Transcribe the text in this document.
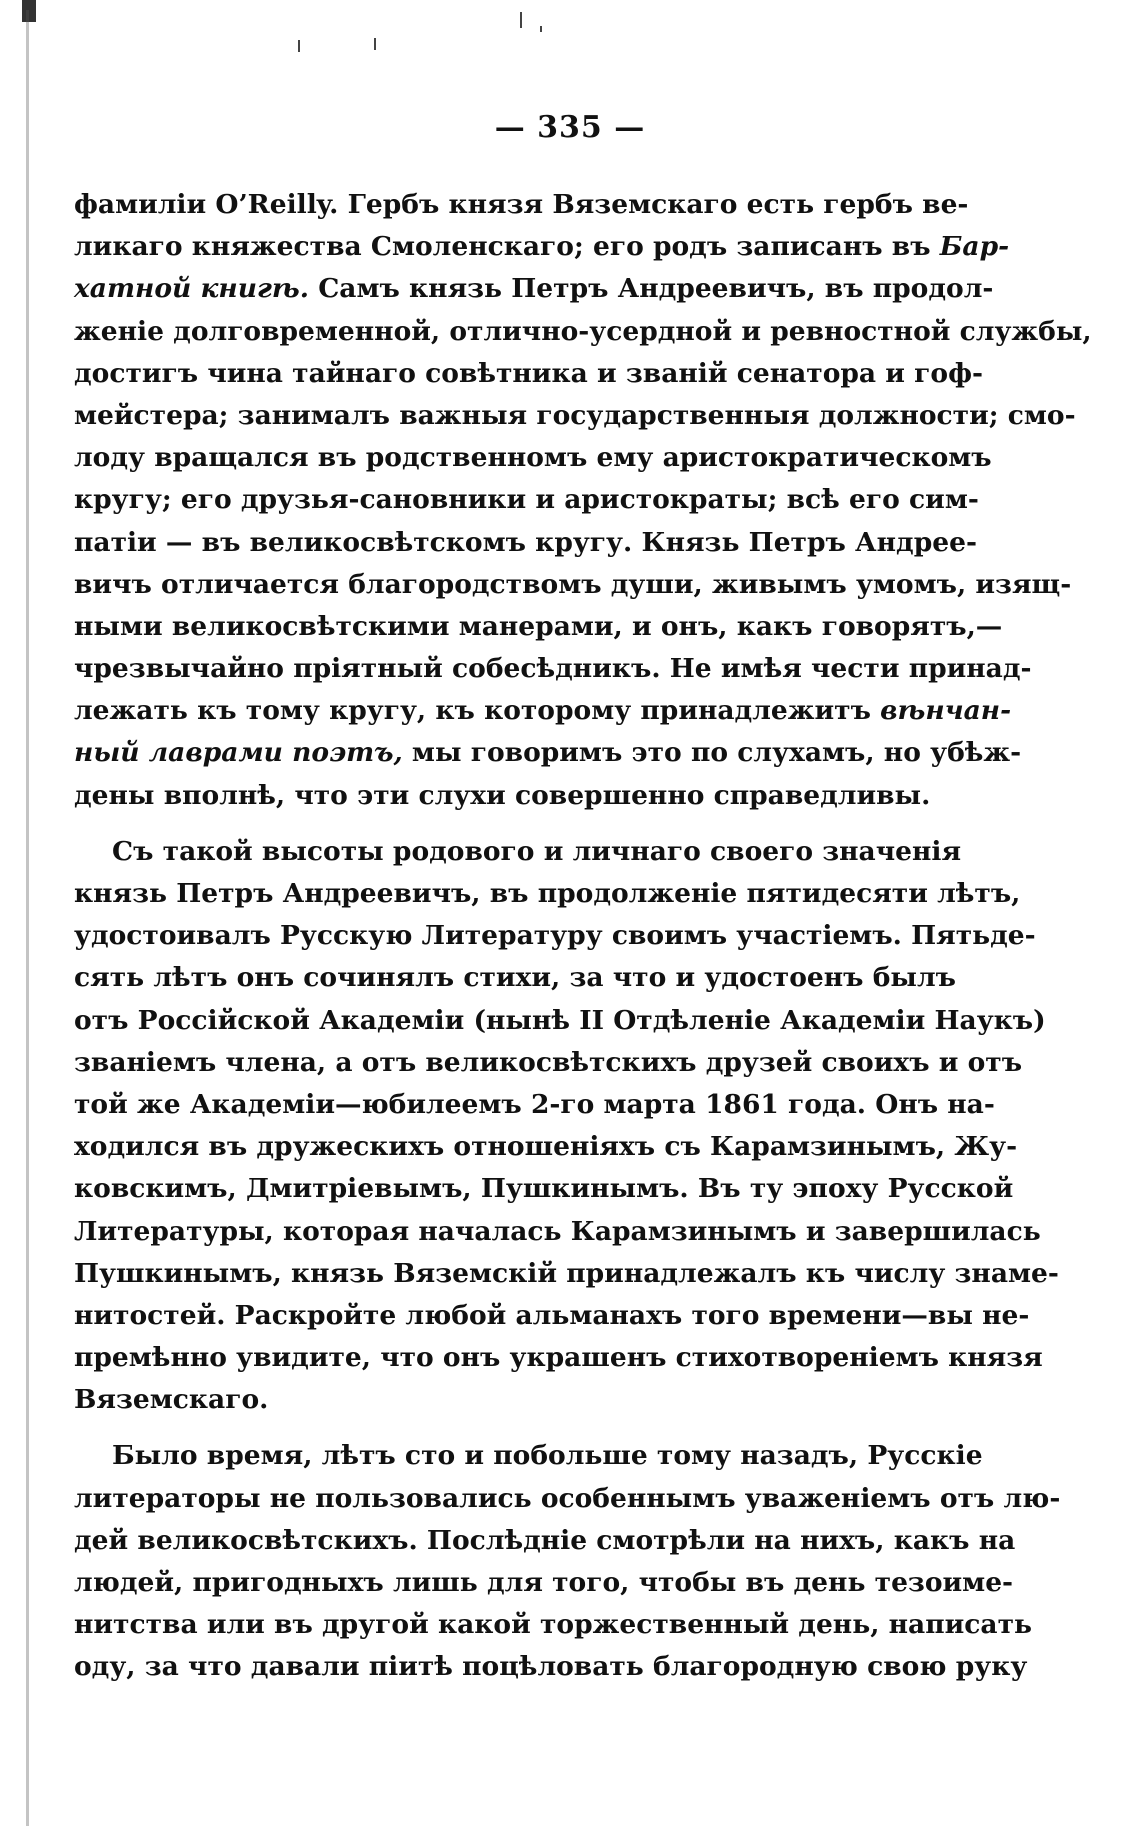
— 335 —
фамилiи O’Reilly. Гербъ князя Вяземскаго есть гербъ ве-
ликаго княжества Смоленскаго; его родъ записанъ въ Бар-
хатной книгѣ. Самъ князь Петръ Андреевичъ, въ продол-
женiе долговременной, отлично-усердной и ревностной службы,
достигъ чина тайнаго совѣтника и званiй сенатора и гоф-
мейстера; занималъ важныя государственныя должности; смо-
лоду вращался въ родственномъ ему аристократическомъ
кругу; его друзья-сановники и аристократы; всѣ его сим-
патiи — въ великосвѣтскомъ кругу. Князь Петръ Андрее-
вичъ отличается благородствомъ души, живымъ умомъ, изящ-
ными великосвѣтскими манерами, и онъ, какъ говорятъ,—
чрезвычайно прiятный собесѣдникъ. Не имѣя чести принад-
лежать къ тому кругу, къ которому принадлежитъ вѣнчан-
ный лаврами поэтъ, мы говоримъ это по слухамъ, но убѣж-
дены вполнѣ, что эти слухи совершенно справедливы.
Съ такой высоты родового и личнаго своего значенiя
князь Петръ Андреевичъ, въ продолженiе пятидесяти лѣтъ,
удостоивалъ Русскую Литературу своимъ участiемъ. Пятьде-
сять лѣтъ онъ сочинялъ стихи, за что и удостоенъ былъ
отъ Россiйской Академiи (нынѣ II Отдѣленiе Академiи Наукъ)
званiемъ члена, а отъ великосвѣтскихъ друзей своихъ и отъ
той же Академiи—юбилеемъ 2-го марта 1861 года. Онъ на-
ходился въ дружескихъ отношенiяхъ съ Карамзинымъ, Жу-
ковскимъ, Дмитрiевымъ, Пушкинымъ. Въ ту эпоху Русской
Литературы, которая началась Карамзинымъ и завершилась
Пушкинымъ, князь Вяземскiй принадлежалъ къ числу знаме-
нитостей. Раскройте любой альманахъ того времени—вы не-
премѣнно увидите, что онъ украшенъ стихотворенiемъ князя
Вяземскаго.
Было время, лѣтъ сто и побольше тому назадъ, Русскiе
литераторы не пользовались особеннымъ уваженiемъ отъ лю-
дей великосвѣтскихъ. Послѣднiе смотрѣли на нихъ, какъ на
людей, пригодныхъ лишь для того, чтобы въ день тезоиме-
нитства или въ другой какой торжественный день, написать
оду, за что давали пiитѣ поцѣловать благородную свою руку
